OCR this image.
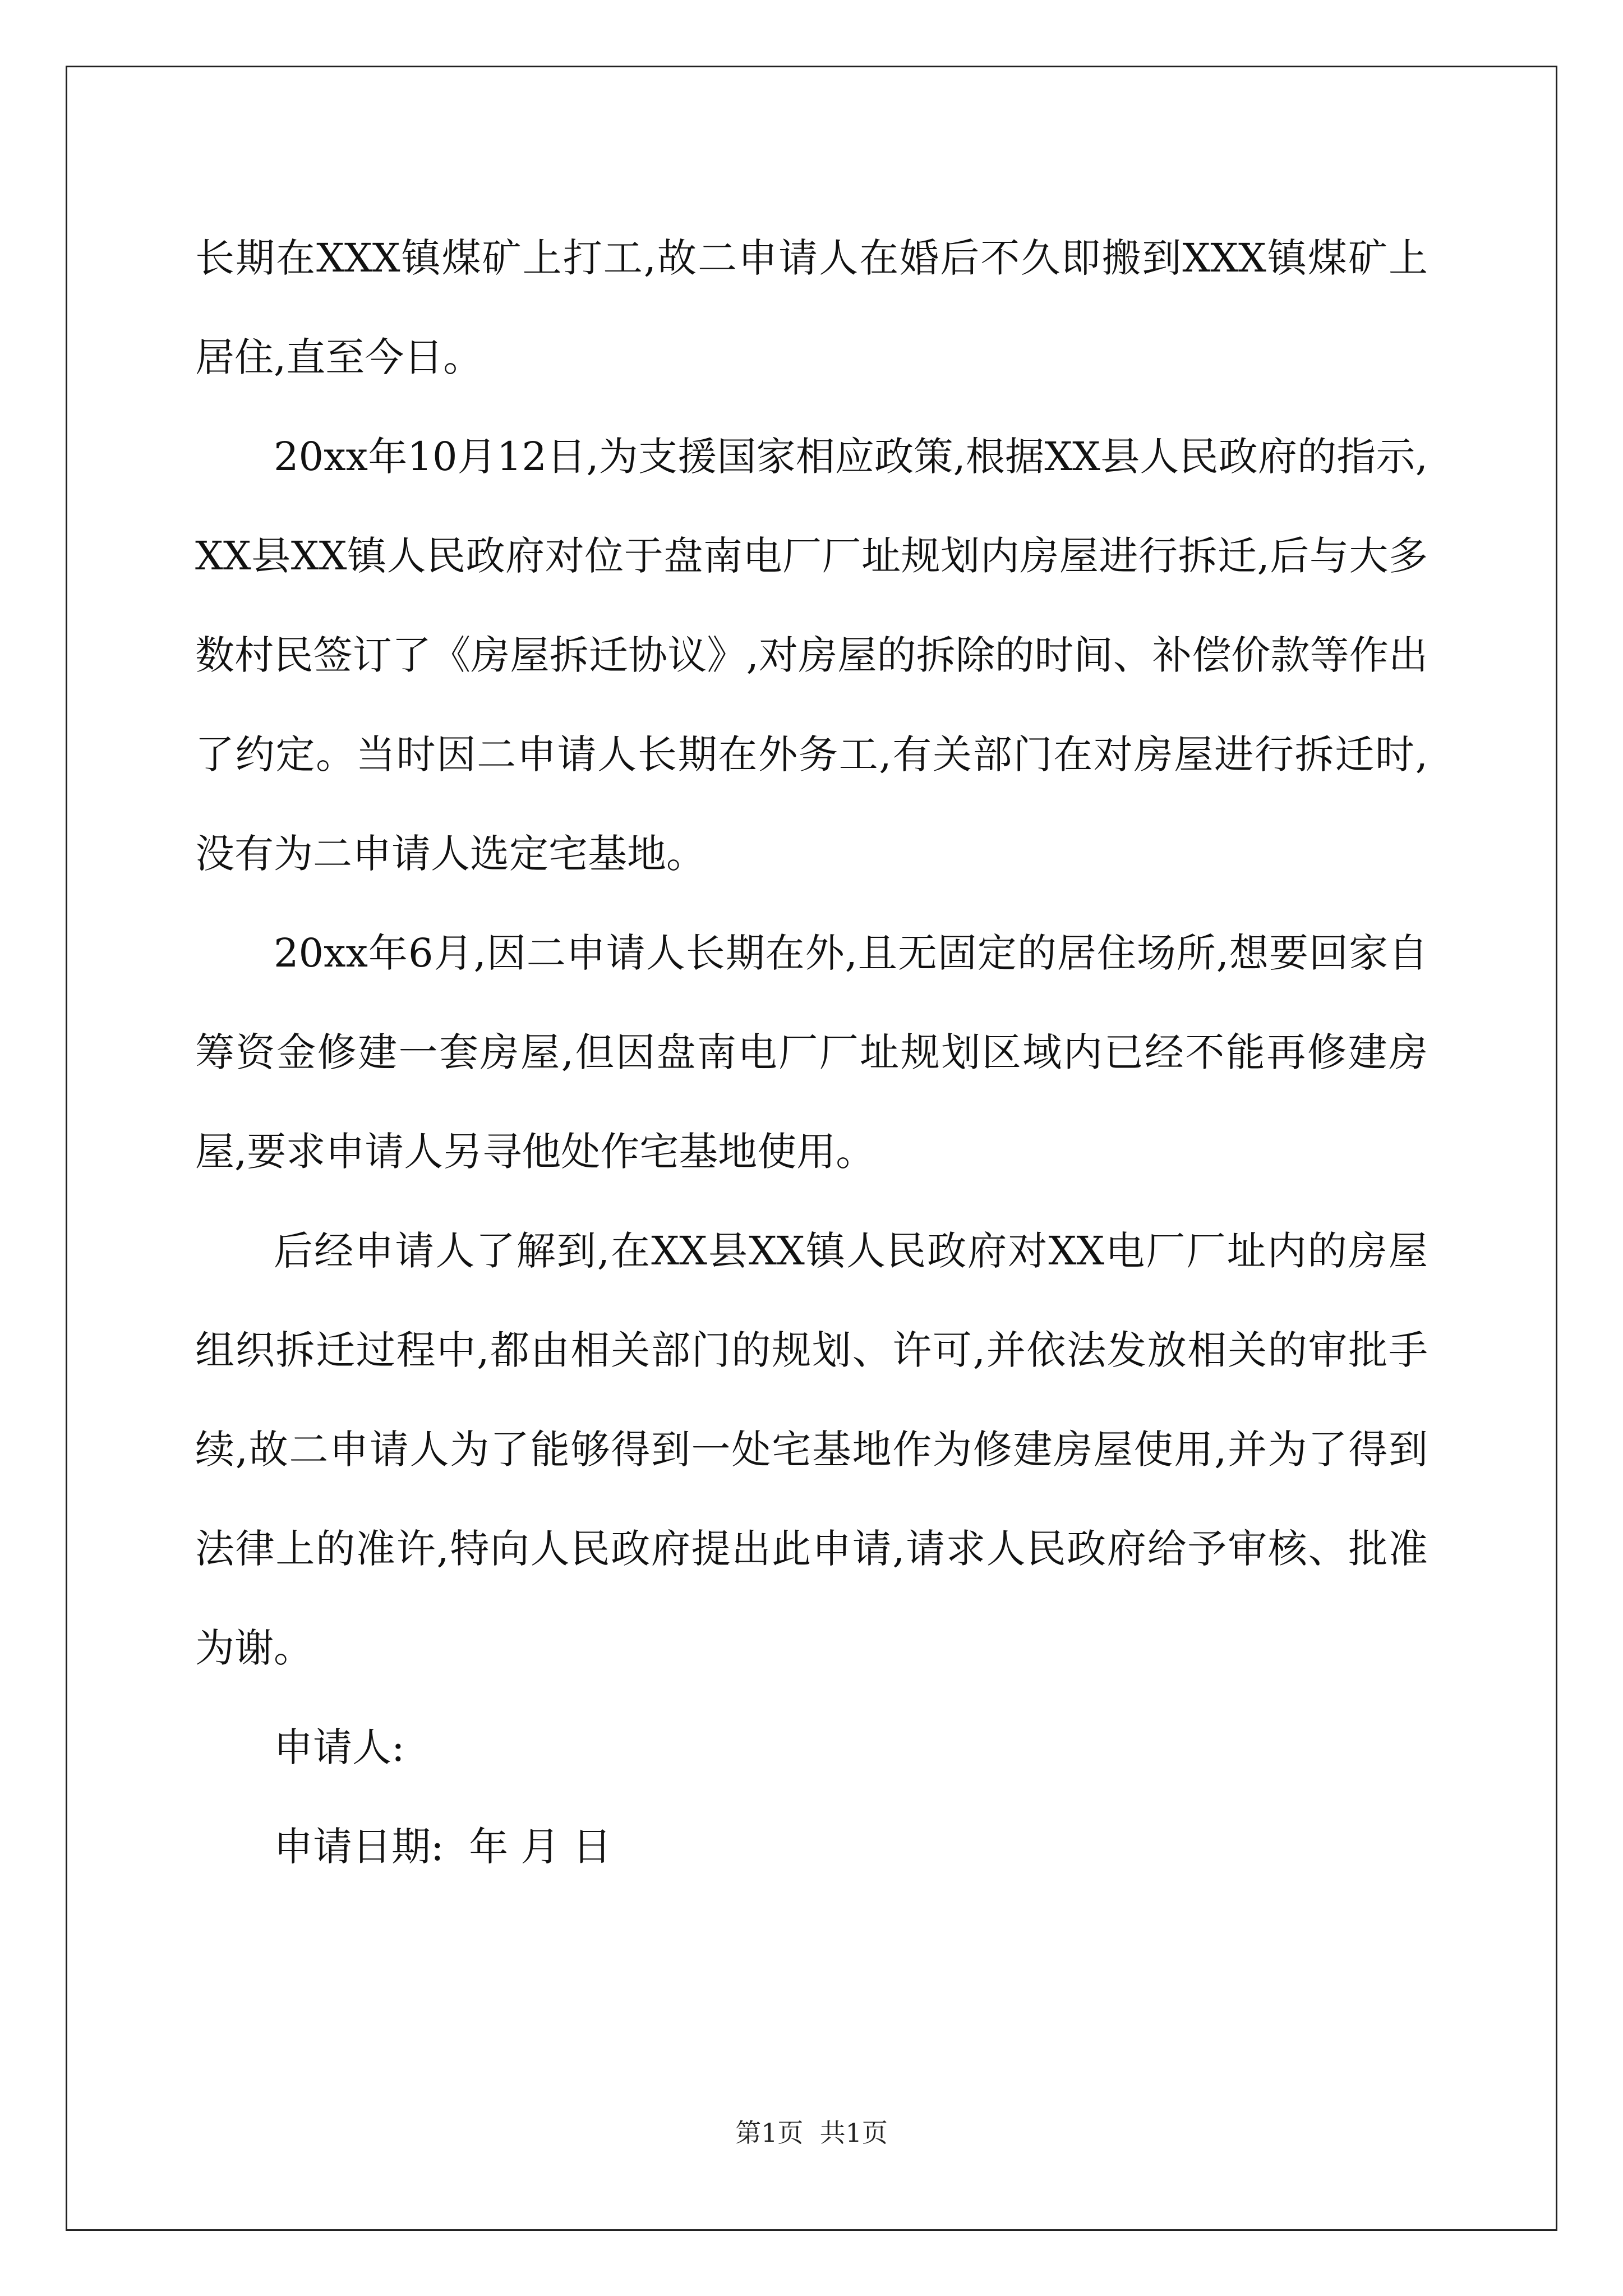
长期在XXX镇煤矿上打工,故二申请人在婚后不久即搬到XXX镇煤矿上居住,直至今日。

20xx年10月12日,为支援国家相应政策,根据XX县人民政府的指示,XX县XX镇人民政府对位于盘南电厂厂址规划内房屋进行拆迁,后与大多数村民签订了《房屋拆迁协议》,对房屋的拆除的时间、补偿价款等作出了约定。当时因二申请人长期在外务工,有关部门在对房屋进行拆迁时,没有为二申请人选定宅基地。

20xx年6月,因二申请人长期在外,且无固定的居住场所,想要回家自筹资金修建一套房屋,但因盘南电厂厂址规划区域内已经不能再修建房屋,要求申请人另寻他处作宅基地使用。

后经申请人了解到,在XX县XX镇人民政府对XX电厂厂址内的房屋组织拆迁过程中,都由相关部门的规划、许可,并依法发放相关的审批手续,故二申请人为了能够得到一处宅基地作为修建房屋使用,并为了得到法律上的准许,特向人民政府提出此申请,请求人民政府给予审核、批准为谢。

申请人:

申请日期:  年 月 日

第1页  共1页
